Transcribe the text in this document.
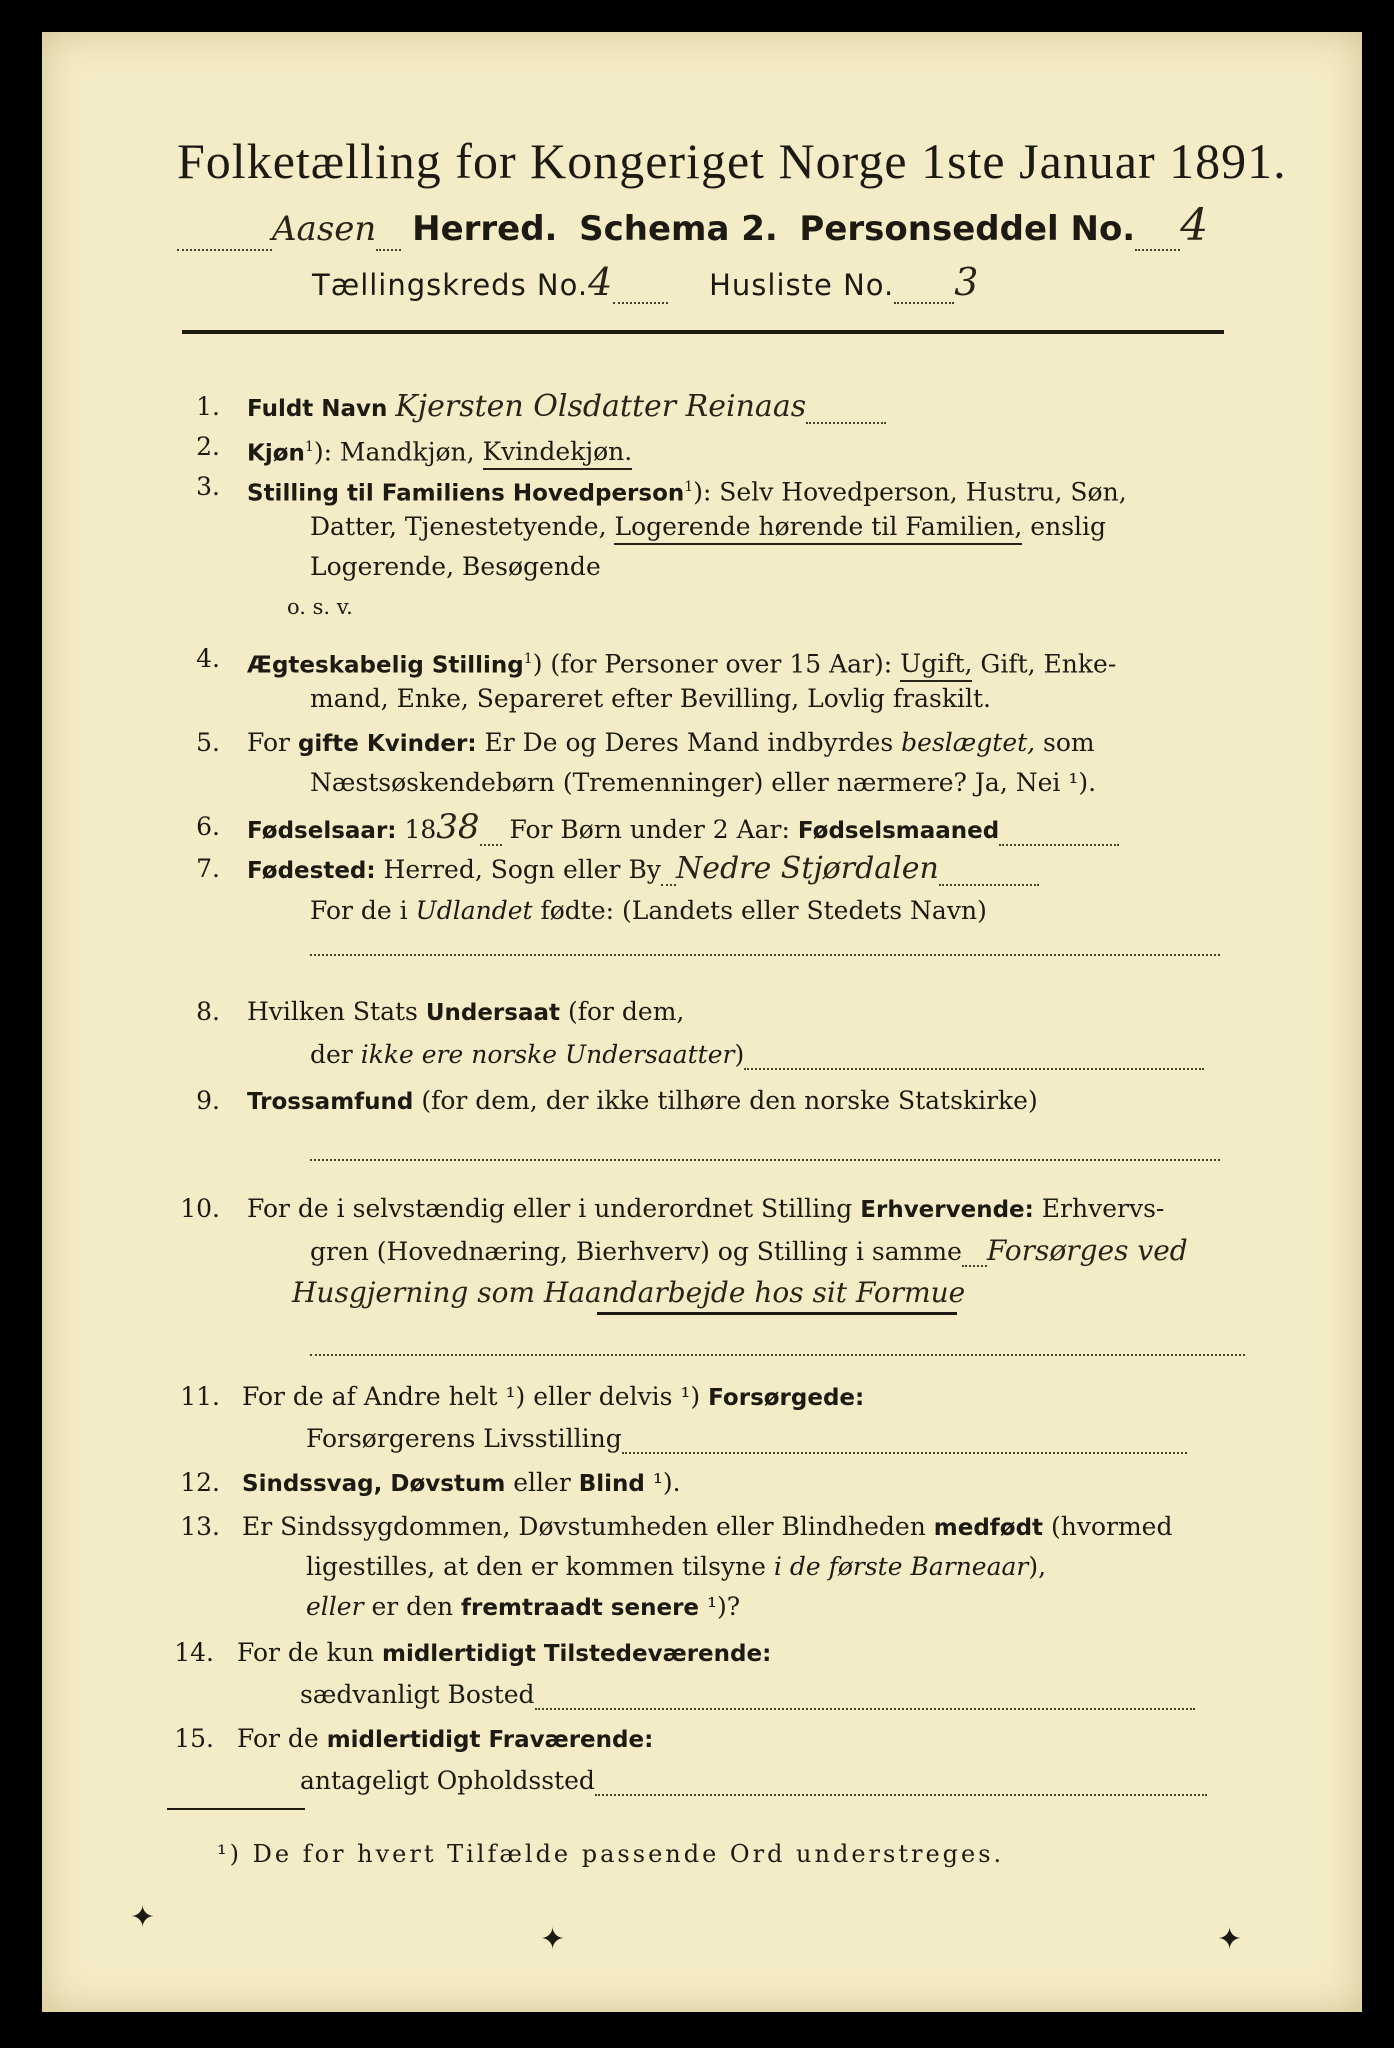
Folketælling for Kongeriget Norge 1ste Januar 1891.
Aasen Herred. Schema 2. Personseddel No. 4
Tællingskreds No.4	Husliste No. 3
1. Fuldt Navn Kjersten Olsdatter Reinaas
2. Kjøn$^1$): Mandkjøn, Kvindekjøn.
3. Stilling til Familiens Hovedperson$^1$): Selv Hovedperson, Hustru, Søn,
Datter, Tjenestetyende, Logerende hørende til Familien, enslig
Logerende, Besøgende
o. s. v.
4. Ægteskabelig Stilling$^1$) (for Personer over 15 Aar): Ugift, Gift, Enke-
mand, Enke, Separeret efter Bevilling, Lovlig fraskilt.
5. For gifte Kvinder: Er De og Deres Mand indbyrdes beslægtet, som
Næstsøskendebørn (Tremenninger) eller nærmere? Ja, Nei ¹).
6. Fødselsaar: 1838 For Børn under 2 Aar: Fødselsmaaned
7. Fødested: Herred, Sogn eller By Nedre Stjørdalen
For de i Udlandet fødte: (Landets eller Stedets Navn)
8. Hvilken Stats Undersaat (for dem,
der ikke ere norske Undersaatter)
9. Trossamfund (for dem, der ikke tilhøre den norske Statskirke)
10. For de i selvstændig eller i underordnet Stilling Erhvervende: Erhvervs-
gren (Hovednæring, Bierhverv) og Stilling i samme Forsørges ved
Husgjerning som Haandarbejde hos sit Formue
11. For de af Andre helt ¹) eller delvis ¹) Forsørgede:
Forsørgerens Livsstilling
12. Sindssvag, Døvstum eller Blind ¹).
13. Er Sindssygdommen, Døvstumheden eller Blindheden medfødt (hvormed
ligestilles, at den er kommen tilsyne i de første Barneaar),
eller er den fremtraadt senere ¹)?
14. For de kun midlertidigt Tilstedeværende:
sædvanligt Bosted
15. For de midlertidigt Fraværende:
antageligt Opholdssted
¹) De for hvert Tilfælde passende Ord understreges.
✦
✦	✦
